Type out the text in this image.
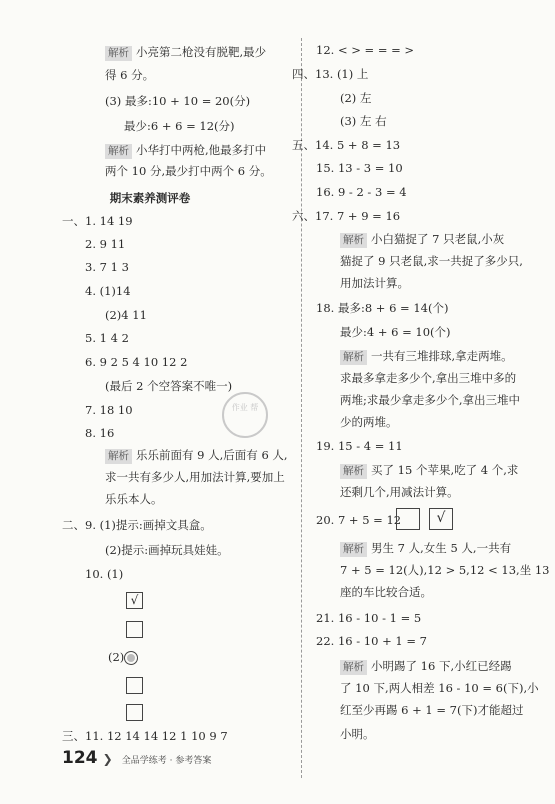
解析 小亮第二枪没有脱靶,最少
得 6 分。
(3) 最多:10 + 10 = 20(分)
最少:6 + 6 = 12(分)
解析 小华打中两枪,他最多打中
两个 10 分,最少打中两个 6 分。
期末素养测评卷
一、1. 14 19
2. 9 11
3. 7 1 3
4. (1)14
(2)4 11
5. 1 4 2
6. 9 2 5 4 10 12 2
(最后 2 个空答案不唯一)
7. 18 10
8. 16
解析 乐乐前面有 9 人,后面有 6 人,
求一共有多少人,用加法计算,要加上
乐乐本人。
二、9. (1)提示:画掉文具盒。
(2)提示:画掉玩具娃娃。
10. (1)
√
(2)
三、11. 12 14 14 12 1 10 9 7
作业 帮
12. < > = = = >
四、13. (1) 上
(2) 左
(3) 左 右
五、14. 5 + 8 = 13
15. 13 - 3 = 10
16. 9 - 2 - 3 = 4
六、17. 7 + 9 = 16
解析 小白猫捉了 7 只老鼠,小灰
猫捉了 9 只老鼠,求一共捉了多少只,
用加法计算。
18. 最多:8 + 6 = 14(个)
最少:4 + 6 = 10(个)
解析 一共有三堆排球,拿走两堆。
求最多拿走多少个,拿出三堆中多的
两堆;求最少拿走多少个,拿出三堆中
少的两堆。
19. 15 - 4 = 11
解析 买了 15 个苹果,吃了 4 个,求
还剩几个,用减法计算。
20. 7 + 5 = 12	√
解析 男生 7 人,女生 5 人,一共有
7 + 5 = 12(人),12 > 5,12 < 13,坐 13
座的车比较合适。
21. 16 - 10 - 1 = 5
22. 16 - 10 + 1 = 7
解析 小明踢了 16 下,小红已经踢
了 10 下,两人相差 16 - 10 = 6(下),小
红至少再踢 6 + 1 = 7(下)才能超过
小明。
124 ❯ 全品学练考 · 参考答案
